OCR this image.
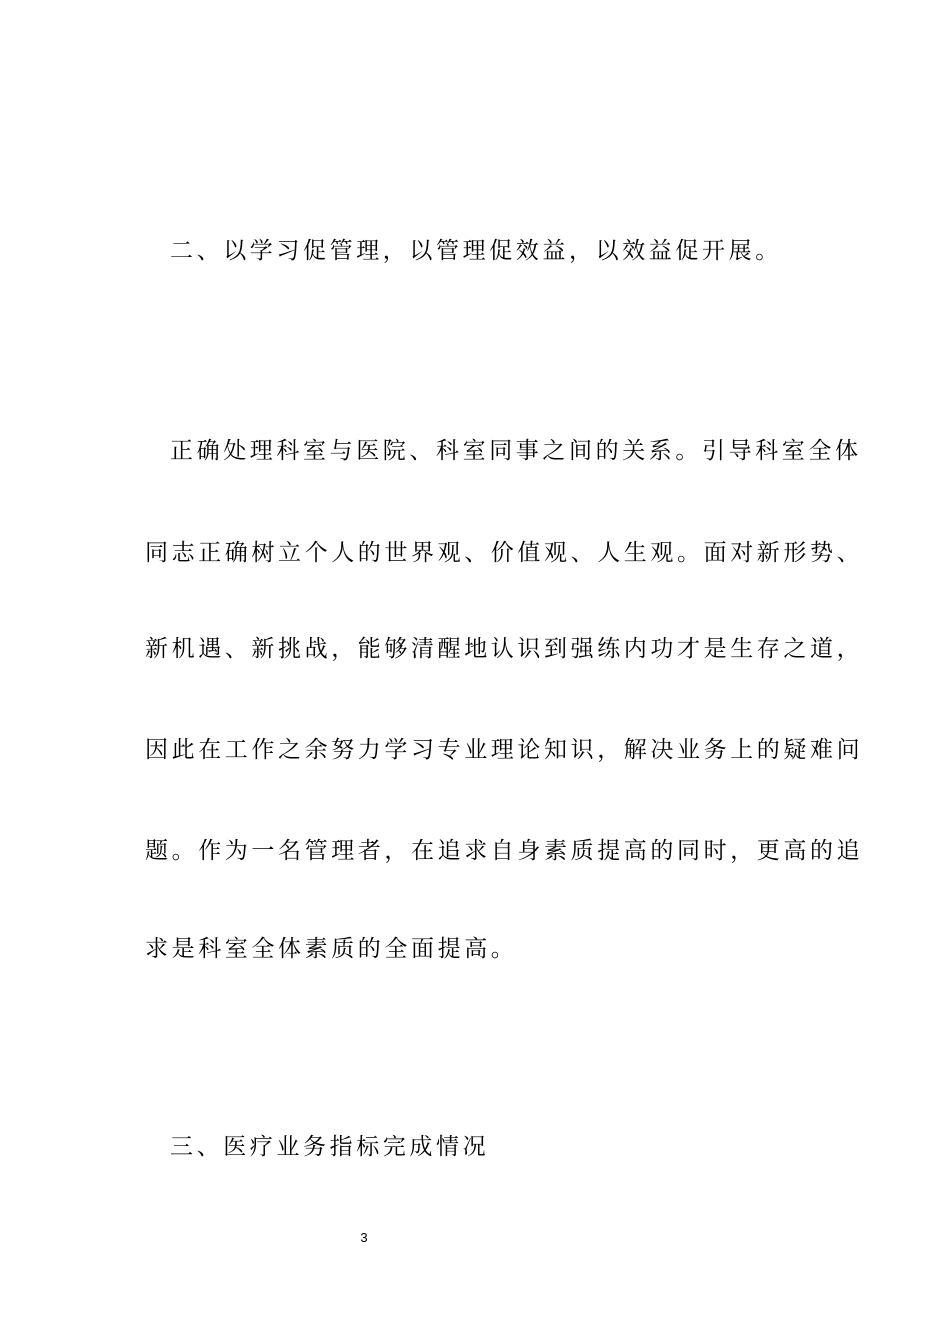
二、以学习促管理，以管理促效益，以效益促开展。
正确处理科室与医院、科室同事之间的关系。引导科室全体
同志正确树立个人的世界观、价值观、人生观。面对新形势、
新机遇、新挑战，能够清醒地认识到强练内功才是生存之道，
因此在工作之余努力学习专业理论知识，解决业务上的疑难问
题。作为一名管理者，在追求自身素质提高的同时，更高的追
求是科室全体素质的全面提高。
三、医疗业务指标完成情况
3
